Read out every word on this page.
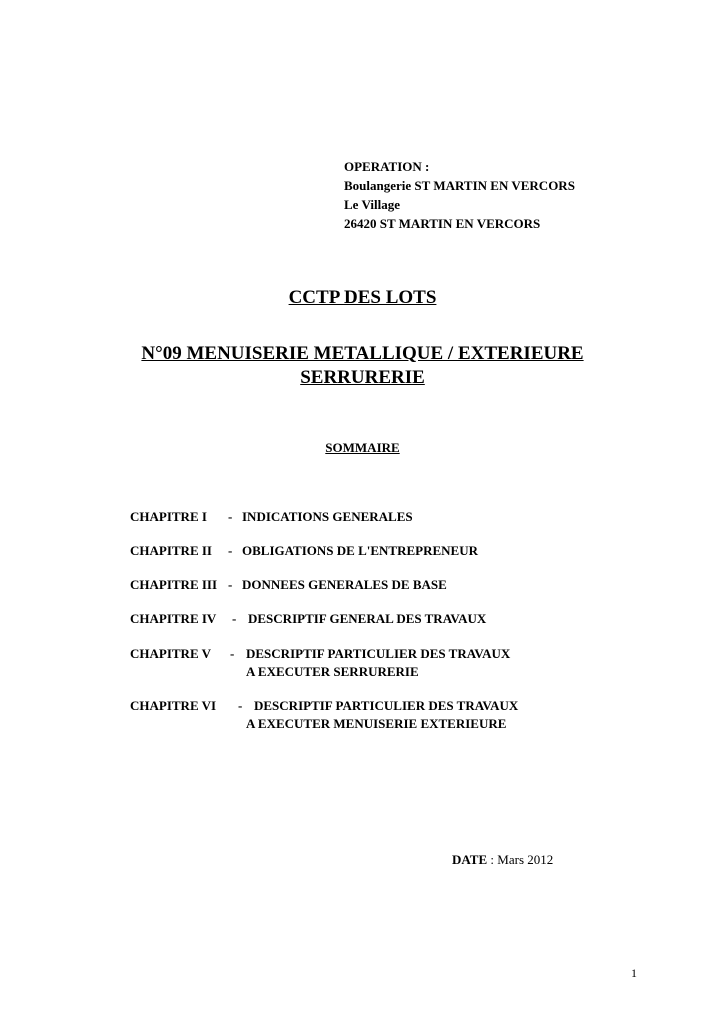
OPERATION :
Boulangerie ST MARTIN EN VERCORS
Le Village
26420 ST MARTIN EN VERCORS
CCTP DES LOTS
N°09 MENUISERIE METALLIQUE / EXTERIEURE
SERRURERIE
SOMMAIRE
CHAPITRE I - INDICATIONS GENERALES
CHAPITRE II - OBLIGATIONS DE L'ENTREPRENEUR
CHAPITRE III - DONNEES GENERALES DE BASE
CHAPITRE IV - DESCRIPTIF GENERAL DES TRAVAUX
CHAPITRE V - DESCRIPTIF PARTICULIER DES TRAVAUX
A EXECUTER SERRURERIE
CHAPITRE VI - DESCRIPTIF PARTICULIER DES TRAVAUX
A EXECUTER MENUISERIE EXTERIEURE
DATE : Mars 2012
1
